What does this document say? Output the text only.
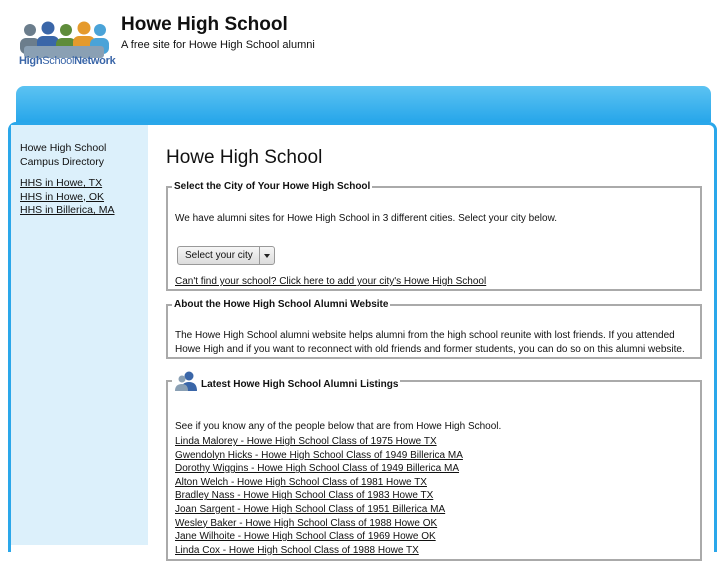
HighSchoolNetwork
Howe High School
A free site for Howe High School alumni
Howe High School Campus Directory
HHS in Howe, TX
HHS in Howe, OK
HHS in Billerica, MA
Howe High School
Select the City of Your Howe High School
We have alumni sites for Howe High School in 3 different cities. Select your city below.
Select your city
Can't find your school? Click here to add your city's Howe High School
About the Howe High School Alumni Website
The Howe High School alumni website helps alumni from the high school reunite with lost friends. If you attended Howe High and if you want to reconnect with old friends and former students, you can do so on this alumni website.
Latest Howe High School Alumni Listings
See if you know any of the people below that are from Howe High School.
Linda Malorey - Howe High School Class of 1975 Howe TX
Gwendolyn Hicks - Howe High School Class of 1949 Billerica MA
Dorothy Wiggins - Howe High School Class of 1949 Billerica MA
Alton Welch - Howe High School Class of 1981 Howe TX
Bradley Nass - Howe High School Class of 1983 Howe TX
Joan Sargent - Howe High School Class of 1951 Billerica MA
Wesley Baker - Howe High School Class of 1988 Howe OK
Jane Wilhoite - Howe High School Class of 1969 Howe OK
Linda Cox - Howe High School Class of 1988 Howe TX
